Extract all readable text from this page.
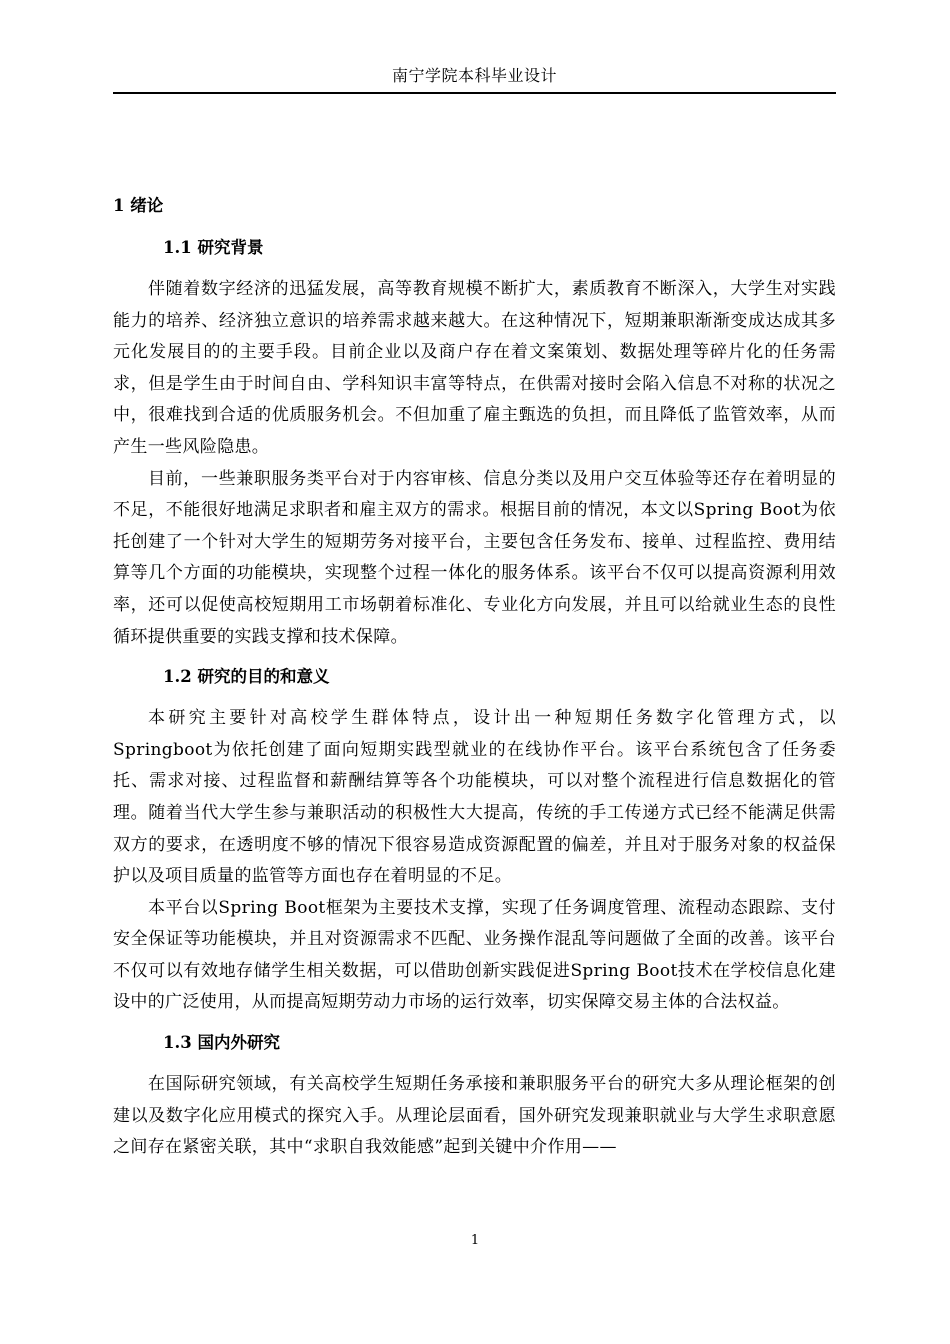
南宁学院本科毕业设计
1 绪论
1.1 研究背景

伴随着数字经济的迅猛发展，高等教育规模不断扩大，素质教育不断深入，大学生对实践能力的培养、经济独立意识的培养需求越来越大。在这种情况下，短期兼职渐渐变成达成其多元化发展目的的主要手段。目前企业以及商户存在着文案策划、数据处理等碎片化的任务需求，但是学生由于时间自由、学科知识丰富等特点，在供需对接时会陷入信息不对称的状况之中，很难找到合适的优质服务机会。不但加重了雇主甄选的负担，而且降低了监管效率，从而产生一些风险隐患。

目前，一些兼职服务类平台对于内容审核、信息分类以及用户交互体验等还存在着明显的不足，不能很好地满足求职者和雇主双方的需求。根据目前的情况，本文以Spring Boot为依托创建了一个针对大学生的短期劳务对接平台，主要包含任务发布、接单、过程监控、费用结算等几个方面的功能模块，实现整个过程一体化的服务体系。该平台不仅可以提高资源利用效率，还可以促使高校短期用工市场朝着标准化、专业化方向发展，并且可以给就业生态的良性循环提供重要的实践支撑和技术保障。

1.2 研究的目的和意义

本研究主要针对高校学生群体特点，设计出一种短期任务数字化管理方式，以Springboot为依托创建了面向短期实践型就业的在线协作平台。该平台系统包含了任务委托、需求对接、过程监督和薪酬结算等各个功能模块，可以对整个流程进行信息数据化的管理。随着当代大学生参与兼职活动的积极性大大提高，传统的手工传递方式已经不能满足供需双方的要求，在透明度不够的情况下很容易造成资源配置的偏差，并且对于服务对象的权益保护以及项目质量的监管等方面也存在着明显的不足。

本平台以Spring Boot框架为主要技术支撑，实现了任务调度管理、流程动态跟踪、支付安全保证等功能模块，并且对资源需求不匹配、业务操作混乱等问题做了全面的改善。该平台不仅可以有效地存储学生相关数据，可以借助创新实践促进Spring Boot技术在学校信息化建设中的广泛使用，从而提高短期劳动力市场的运行效率，切实保障交易主体的合法权益。

1.3 国内外研究

在国际研究领域，有关高校学生短期任务承接和兼职服务平台的研究大多从理论框架的创建以及数字化应用模式的探究入手。从理论层面看，国外研究发现兼职就业与大学生求职意愿之间存在紧密关联，其中“求职自我效能感”起到关键中介作用——

1
